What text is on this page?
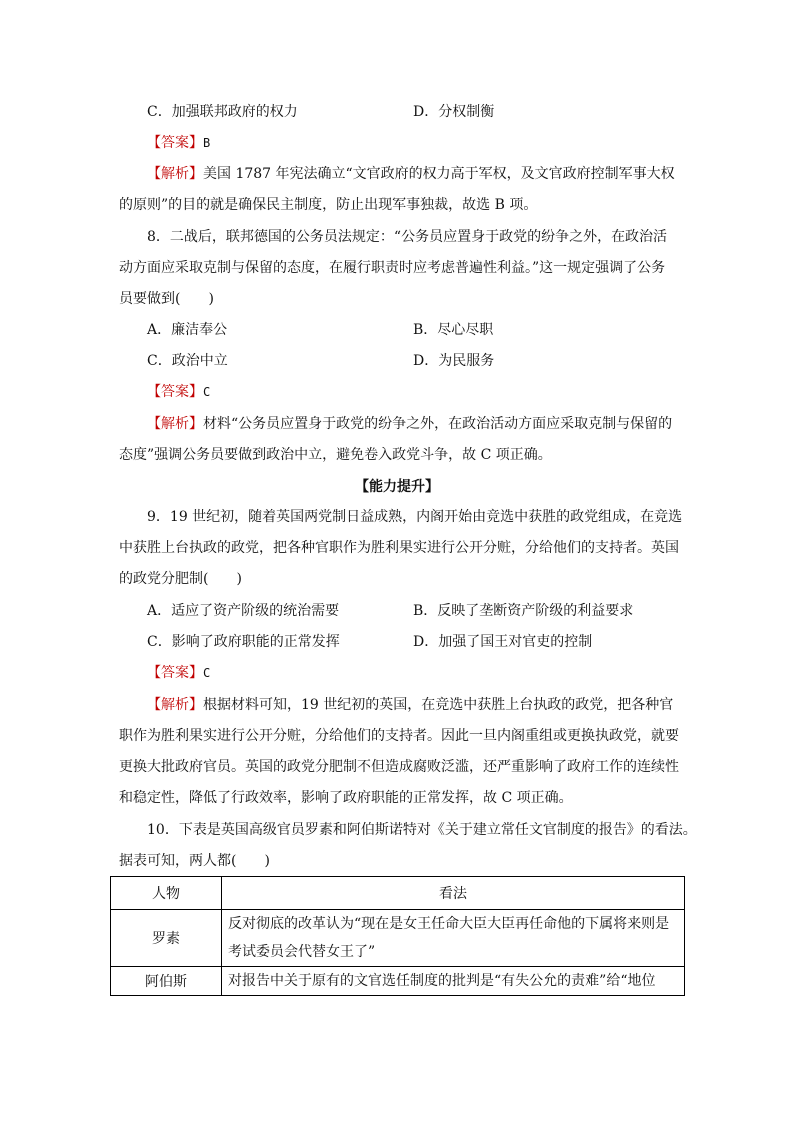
C．加强联邦政府的权力	D．分权制衡
【答案】B
【解析】美国 1787 年宪法确立“文官政府的权力高于军权，及文官政府控制军事大权
的原则”的目的就是确保民主制度，防止出现军事独裁，故选 B 项。
8．二战后，联邦德国的公务员法规定：“公务员应置身于政党的纷争之外，在政治活
动方面应采取克制与保留的态度，在履行职责时应考虑普遍性利益。”这一规定强调了公务
员要做到(　　)
A．廉洁奉公	B．尽心尽职
C．政治中立	D．为民服务
【答案】C
【解析】材料“公务员应置身于政党的纷争之外，在政治活动方面应采取克制与保留的
态度”强调公务员要做到政治中立，避免卷入政党斗争，故 C 项正确。
【能力提升】
9．19 世纪初，随着英国两党制日益成熟，内阁开始由竞选中获胜的政党组成，在竞选
中获胜上台执政的政党，把各种官职作为胜利果实进行公开分赃，分给他们的支持者。英国
的政党分肥制(　　)
A．适应了资产阶级的统治需要	B．反映了垄断资产阶级的利益要求
C．影响了政府职能的正常发挥	D．加强了国王对官吏的控制
【答案】C
【解析】根据材料可知，19 世纪初的英国，在竞选中获胜上台执政的政党，把各种官
职作为胜利果实进行公开分赃，分给他们的支持者。因此一旦内阁重组或更换执政党，就要
更换大批政府官员。英国的政党分肥制不但造成腐败泛滥，还严重影响了政府工作的连续性
和稳定性，降低了行政效率，影响了政府职能的正常发挥，故 C 项正确。
10．下表是英国高级官员罗素和阿伯斯诺特对《关于建立常任文官制度的报告》的看法。
据表可知，两人都(　　)
人物	看法
罗素	反对彻底的改革认为“现在是女王任命大臣大臣再任命他的下属将来则是
考试委员会代替女王了”

阿伯斯	对报告中关于原有的文官选任制度的批判是“有失公允的责难”给“地位
